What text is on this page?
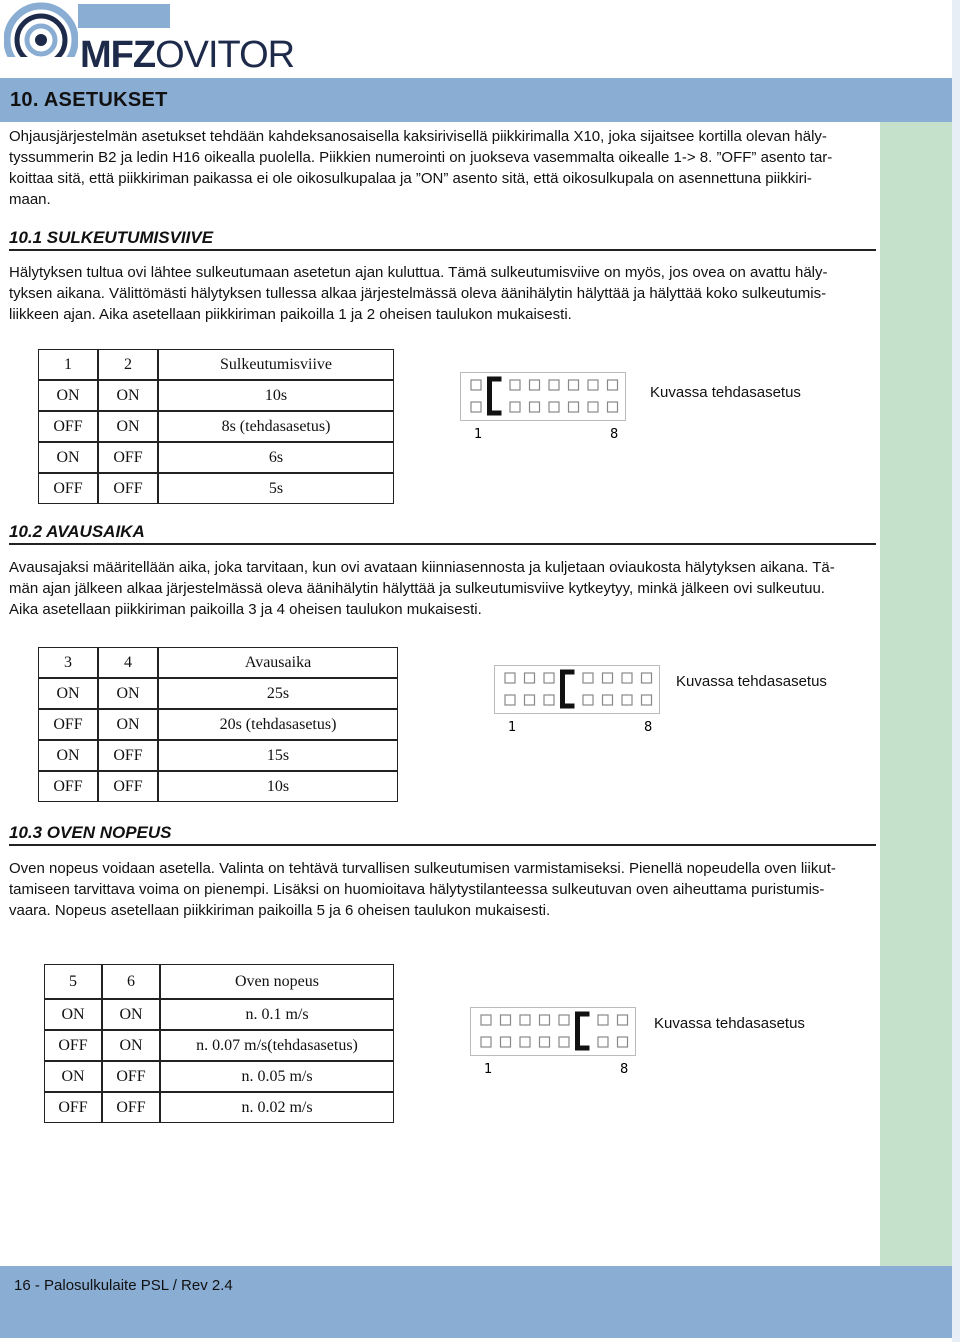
MFZOVITOR
10. ASETUKSET
Ohjausjärjestelmän asetukset tehdään kahdeksanosaisella kaksirivisellä piikkirimalla X10, joka sijaitsee kortilla olevan häly-
tyssummerin B2 ja ledin H16 oikealla puolella. Piikkien numerointi on juokseva vasemmalta oikealle 1-> 8. ”OFF” asento tar-
koittaa sitä, että piikkiriman paikassa ei ole oikosulkupalaa ja ”ON” asento sitä, että oikosulkupala on asennettuna piikkiri-
maan.
10.1 SULKEUTUMISVIIVE
Hälytyksen tultua ovi lähtee sulkeutumaan asetetun ajan kuluttua. Tämä sulkeutumisviive on myös, jos ovea on avattu häly-
tyksen aikana. Välittömästi hälytyksen tullessa alkaa järjestelmässä oleva äänihälytin hälyttää ja hälyttää koko sulkeutumis-
liikkeen ajan. Aika asetellaan piikkiriman paikoilla 1 ja 2 oheisen taulukon mukaisesti.
1	2	Sulkeutumisviive
ON	ON	10s
OFF	ON	8s (tehdasasetus)
ON	OFF	6s
OFF	OFF	5s
1	8
Kuvassa tehdasasetus
10.2 AVAUSAIKA
Avausajaksi määritellään aika, joka tarvitaan, kun ovi avataan kiinniasennosta ja kuljetaan oviaukosta hälytyksen aikana. Tä-
män ajan jälkeen alkaa järjestelmässä oleva äänihälytin hälyttää ja sulkeutumisviive kytkeytyy, minkä jälkeen ovi sulkeutuu.
Aika asetellaan piikkiriman paikoilla 3 ja 4 oheisen taulukon mukaisesti.
3	4	Avausaika
ON	ON	25s
OFF	ON	20s (tehdasasetus)
ON	OFF	15s
OFF	OFF	10s
1	8
Kuvassa tehdasasetus
10.3 OVEN NOPEUS
Oven nopeus voidaan asetella. Valinta on tehtävä turvallisen sulkeutumisen varmistamiseksi. Pienellä nopeudella oven liikut-
tamiseen tarvittava voima on pienempi. Lisäksi on huomioitava hälytystilanteessa sulkeutuvan oven aiheuttama puristumis-
vaara. Nopeus asetellaan piikkiriman paikoilla 5 ja 6 oheisen taulukon mukaisesti.
5	6	Oven nopeus
ON	ON	n. 0.1 m/s
OFF	ON	n. 0.07 m/s(tehdasasetus)
ON	OFF	n. 0.05 m/s
OFF	OFF	n. 0.02 m/s
1	8
Kuvassa tehdasasetus
16 - Palosulkulaite PSL / Rev 2.4
